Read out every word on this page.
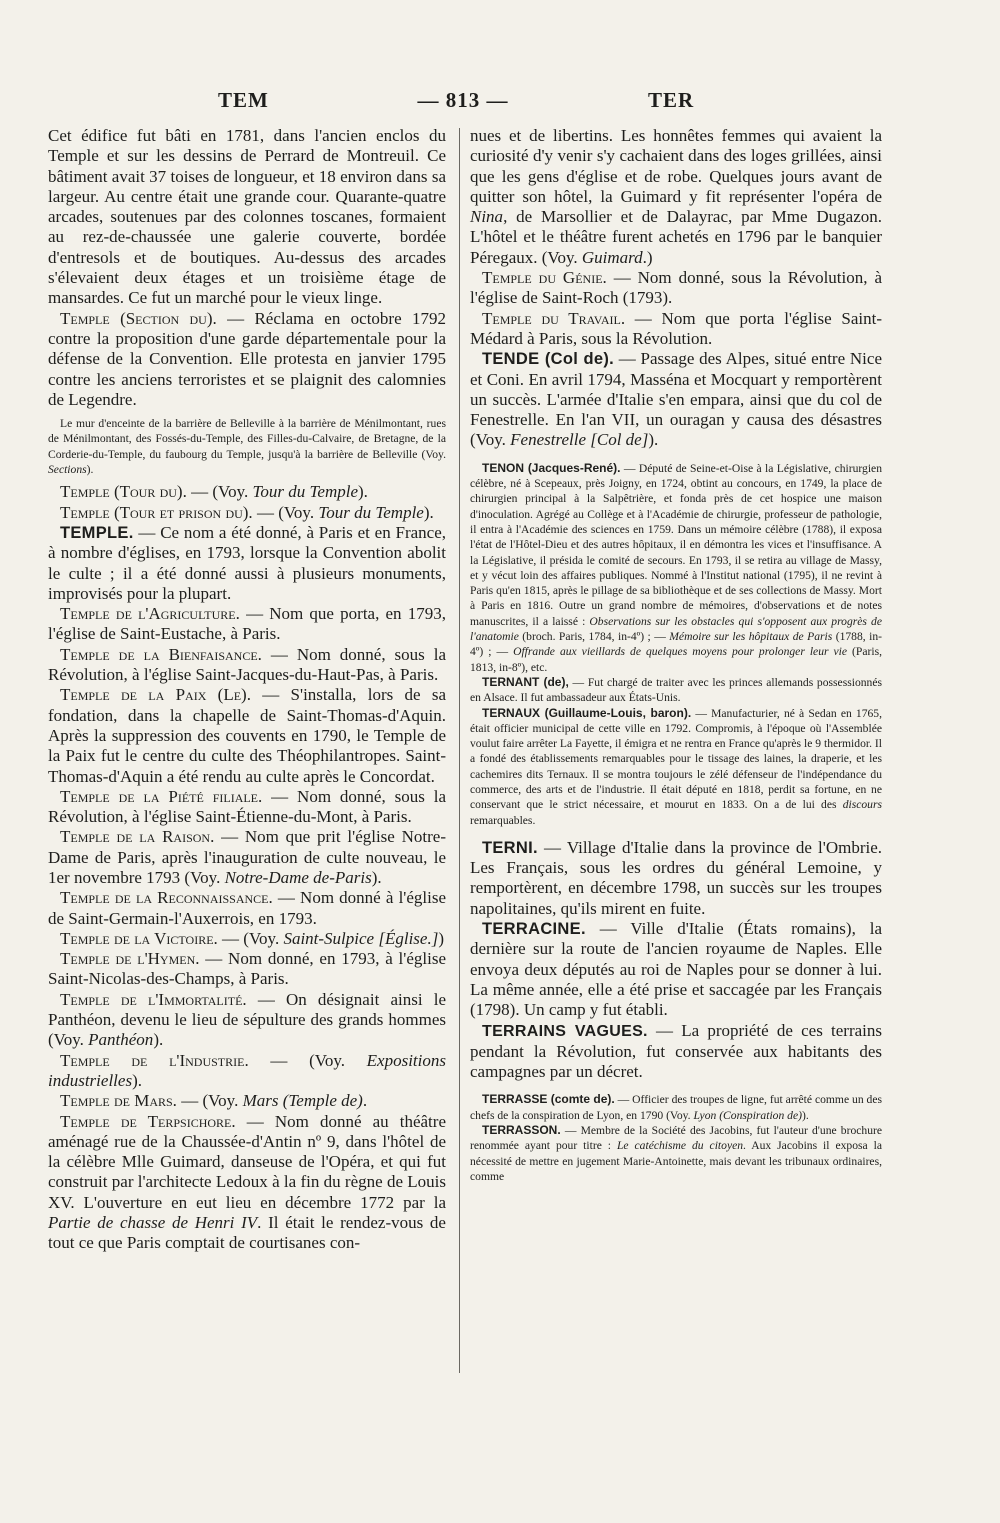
TEM	— 813 —	TER

Cet édifice fut bâti en 1781, dans l'ancien enclos du Temple et sur les dessins de Perrard de Montreuil. Ce bâtiment avait 37 toises de longueur, et 18 environ dans sa largeur. Au centre était une grande cour. Quarante-quatre arcades, soutenues par des colonnes toscanes, formaient au rez-de-chaussée une galerie couverte, bordée d'entresols et de boutiques. Au-dessus des arcades s'élevaient deux étages et un troisième étage de mansardes. Ce fut un marché pour le vieux linge.

Temple (Section du). — Réclama en octobre 1792 contre la proposition d'une garde départementale pour la défense de la Convention. Elle protesta en janvier 1795 contre les anciens terroristes et se plaignit des calomnies de Legendre.

Le mur d'enceinte de la barrière de Belleville à la barrière de Ménilmontant, rues de Ménilmontant, des Fossés-du-Temple, des Filles-du-Calvaire, de Bretagne, de la Corderie-du-Temple, du faubourg du Temple, jusqu'à la barrière de Belleville (Voy. Sections).

Temple (Tour du). — (Voy. Tour du Temple).

Temple (Tour et prison du). — (Voy. Tour du Temple).

TEMPLE. — Ce nom a été donné, à Paris et en France, à nombre d'églises, en 1793, lorsque la Convention abolit le culte ; il a été donné aussi à plusieurs monuments, improvisés pour la plupart.

Temple de l'Agriculture. — Nom que porta, en 1793, l'église de Saint-Eustache, à Paris.

Temple de la Bienfaisance. — Nom donné, sous la Révolution, à l'église Saint-Jacques-du-Haut-Pas, à Paris.

Temple de la Paix (Le). — S'installa, lors de sa fondation, dans la chapelle de Saint-Thomas-d'Aquin. Après la suppression des couvents en 1790, le Temple de la Paix fut le centre du culte des Théophilantropes. Saint-Thomas-d'Aquin a été rendu au culte après le Concordat.

Temple de la Piété filiale. — Nom donné, sous la Révolution, à l'église Saint-Étienne-du-Mont, à Paris.

Temple de la Raison. — Nom que prit l'église Notre-Dame de Paris, après l'inauguration de culte nouveau, le 1er novembre 1793 (Voy. Notre-Dame de-Paris).

Temple de la Reconnaissance. — Nom donné à l'église de Saint-Germain-l'Auxerrois, en 1793.

Temple de la Victoire. — (Voy. Saint-Sulpice [Église.])

Temple de l'Hymen. — Nom donné, en 1793, à l'église Saint-Nicolas-des-Champs, à Paris.

Temple de l'Immortalité. — On désignait ainsi le Panthéon, devenu le lieu de sépulture des grands hommes (Voy. Panthéon).

Temple de l'Industrie. — (Voy. Expositions industrielles).

Temple de Mars. — (Voy. Mars (Temple de).

Temple de Terpsichore. — Nom donné au théâtre aménagé rue de la Chaussée-d'Antin nº 9, dans l'hôtel de la célèbre Mlle Guimard, danseuse de l'Opéra, et qui fut construit par l'architecte Ledoux à la fin du règne de Louis XV. L'ouverture en eut lieu en décembre 1772 par la Partie de chasse de Henri IV. Il était le rendez-vous de tout ce que Paris comptait de courtisanes con-

nues et de libertins. Les honnêtes femmes qui avaient la curiosité d'y venir s'y cachaient dans des loges grillées, ainsi que les gens d'église et de robe. Quelques jours avant de quitter son hôtel, la Guimard y fit représenter l'opéra de Nina, de Marsollier et de Dalayrac, par Mme Dugazon. L'hôtel et le théâtre furent achetés en 1796 par le banquier Péregaux. (Voy. Guimard.)

Temple du Génie. — Nom donné, sous la Révolution, à l'église de Saint-Roch (1793).

Temple du Travail. — Nom que porta l'église Saint-Médard à Paris, sous la Révolution.

TENDE (Col de). — Passage des Alpes, situé entre Nice et Coni. En avril 1794, Masséna et Mocquart y remportèrent un succès. L'armée d'Italie s'en empara, ainsi que du col de Fenestrelle. En l'an VII, un ouragan y causa des désastres (Voy. Fenestrelle [Col de]).

TENON (Jacques-René). — Député de Seine-et-Oise à la Législative, chirurgien célèbre, né à Scepeaux, près Joigny, en 1724, obtint au concours, en 1749, la place de chirurgien principal à la Salpêtrière, et fonda près de cet hospice une maison d'inoculation. Agrégé au Collège et à l'Académie de chirurgie, professeur de pathologie, il entra à l'Académie des sciences en 1759. Dans un mémoire célèbre (1788), il exposa l'état de l'Hôtel-Dieu et des autres hôpitaux, il en démontra les vices et l'insuffisance. A la Législative, il présida le comité de secours. En 1793, il se retira au village de Massy, et y vécut loin des affaires publiques. Nommé à l'Institut national (1795), il ne revint à Paris qu'en 1815, après le pillage de sa bibliothèque et de ses collections de Massy. Mort à Paris en 1816. Outre un grand nombre de mémoires, d'observations et de notes manuscrites, il a laissé : Observations sur les obstacles qui s'opposent aux progrès de l'anatomie (broch. Paris, 1784, in-4º) ; — Mémoire sur les hôpitaux de Paris (1788, in-4º) ; — Offrande aux vieillards de quelques moyens pour prolonger leur vie (Paris, 1813, in-8º), etc.

TERNANT (de), — Fut chargé de traiter avec les princes allemands possessionnés en Alsace. Il fut ambassadeur aux États-Unis.

TERNAUX (Guillaume-Louis, baron). — Manufacturier, né à Sedan en 1765, était officier municipal de cette ville en 1792. Compromis, à l'époque où l'Assemblée voulut faire arrêter La Fayette, il émigra et ne rentra en France qu'après le 9 thermidor. Il a fondé des établissements remarquables pour le tissage des laines, la draperie, et les cachemires dits Ternaux. Il se montra toujours le zélé défenseur de l'indépendance du commerce, des arts et de l'industrie. Il était député en 1818, perdit sa fortune, en ne conservant que le strict nécessaire, et mourut en 1833. On a de lui des discours remarquables.

TERNI. — Village d'Italie dans la province de l'Ombrie. Les Français, sous les ordres du général Lemoine, y remportèrent, en décembre 1798, un succès sur les troupes napolitaines, qu'ils mirent en fuite.

TERRACINE. — Ville d'Italie (États romains), la dernière sur la route de l'ancien royaume de Naples. Elle envoya deux députés au roi de Naples pour se donner à lui. La même année, elle a été prise et saccagée par les Français (1798). Un camp y fut établi.

TERRAINS VAGUES. — La propriété de ces terrains pendant la Révolution, fut conservée aux habitants des campagnes par un décret.

TERRASSE (comte de). — Officier des troupes de ligne, fut arrêté comme un des chefs de la conspiration de Lyon, en 1790 (Voy. Lyon (Conspiration de)).

TERRASSON. — Membre de la Société des Jacobins, fut l'auteur d'une brochure renommée ayant pour titre : Le catéchisme du citoyen. Aux Jacobins il exposa la nécessité de mettre en jugement Marie-Antoinette, mais devant les tribunaux ordinaires, comme
